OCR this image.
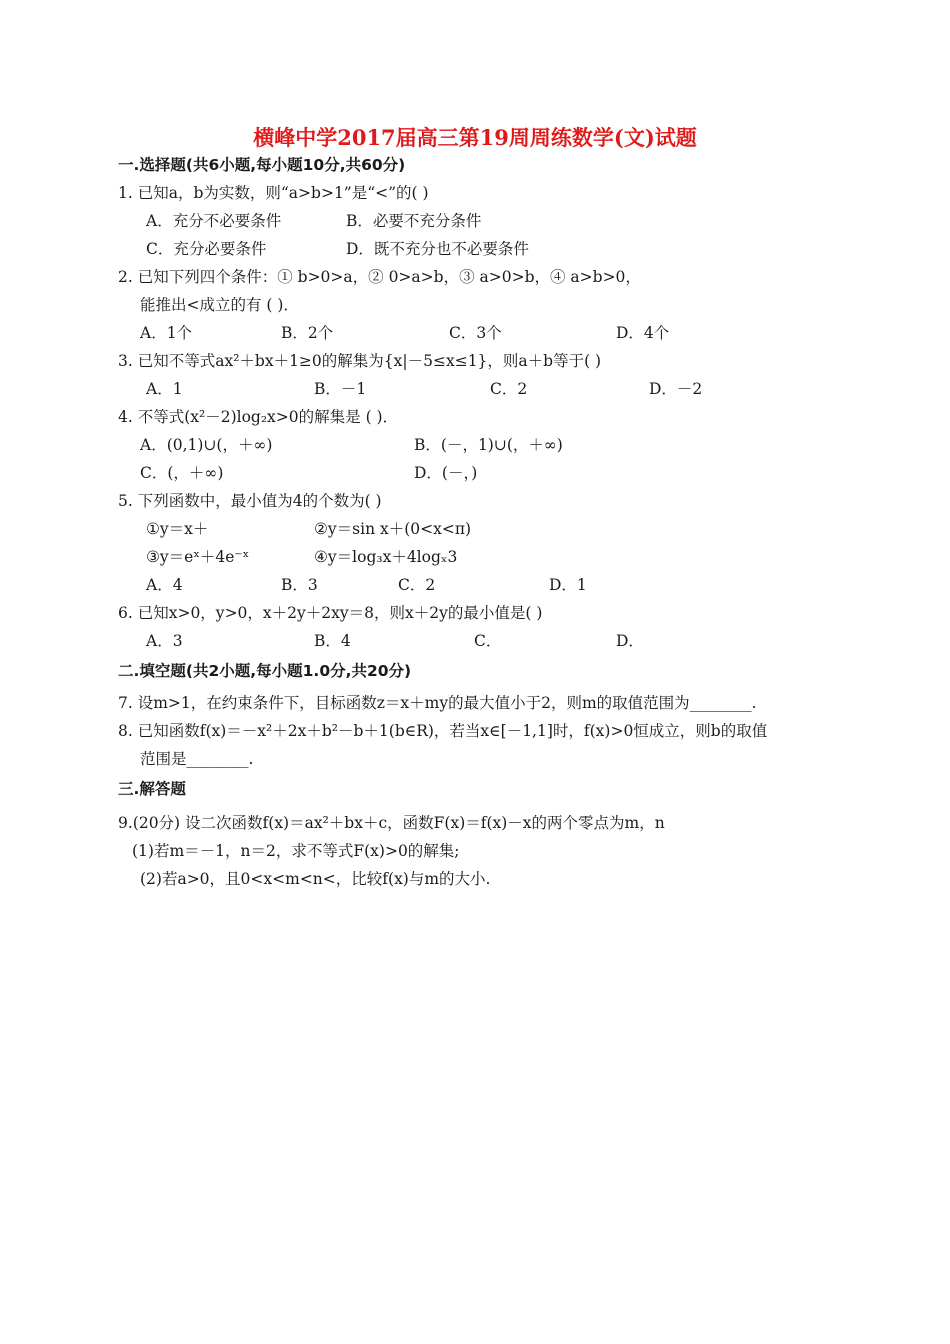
横峰中学2017届高三第19周周练数学(文)试题
一.选择题(共6小题,每小题10分,共60分)
1. 已知a，b为实数，则“a>b>1”是“<”的( )
A．充分不必要条件	B．必要不充分条件
C．充分必要条件	D．既不充分也不必要条件
2. 已知下列四个条件：① b>0>a，② 0>a>b，③ a>0>b，④ a>b>0，
能推出<成立的有 ( )．
A．1个	B．2个	C．3个	D．4个
3. 已知不等式ax²＋bx＋1≥0的解集为{x|－5≤x≤1}，则a＋b等于( )
A．1	B．－1	C．2	D．－2
4. 不等式(x²－2)log₂x>0的解集是 ( )．
A．(0,1)∪(，＋∞)	B．(－，1)∪(，＋∞)
C．(，＋∞)	D．(－，)
5. 下列函数中，最小值为4的个数为( )
①y＝x＋	②y＝sin x＋(0<x<π)
③y＝eˣ＋4e⁻ˣ	④y＝log₃x＋4logₓ3
A．4	B．3	C．2	D．1
6. 已知x>0，y>0，x＋2y＋2xy＝8，则x＋2y的最小值是( )
A．3	B．4	C．	D．
二.填空题(共2小题,每小题1.0分,共20分)
7. 设m>1，在约束条件下，目标函数z＝x＋my的最大值小于2，则m的取值范围为________.
8. 已知函数f(x)＝－x²＋2x＋b²－b＋1(b∈R)，若当x∈[－1,1]时，f(x)>0恒成立，则b的取值
范围是________.
三.解答题
9.(20分) 设二次函数f(x)＝ax²＋bx＋c，函数F(x)＝f(x)－x的两个零点为m，n
(1)若m＝－1，n＝2，求不等式F(x)>0的解集;
(2)若a>0，且0<x<m<n<，比较f(x)与m的大小.
